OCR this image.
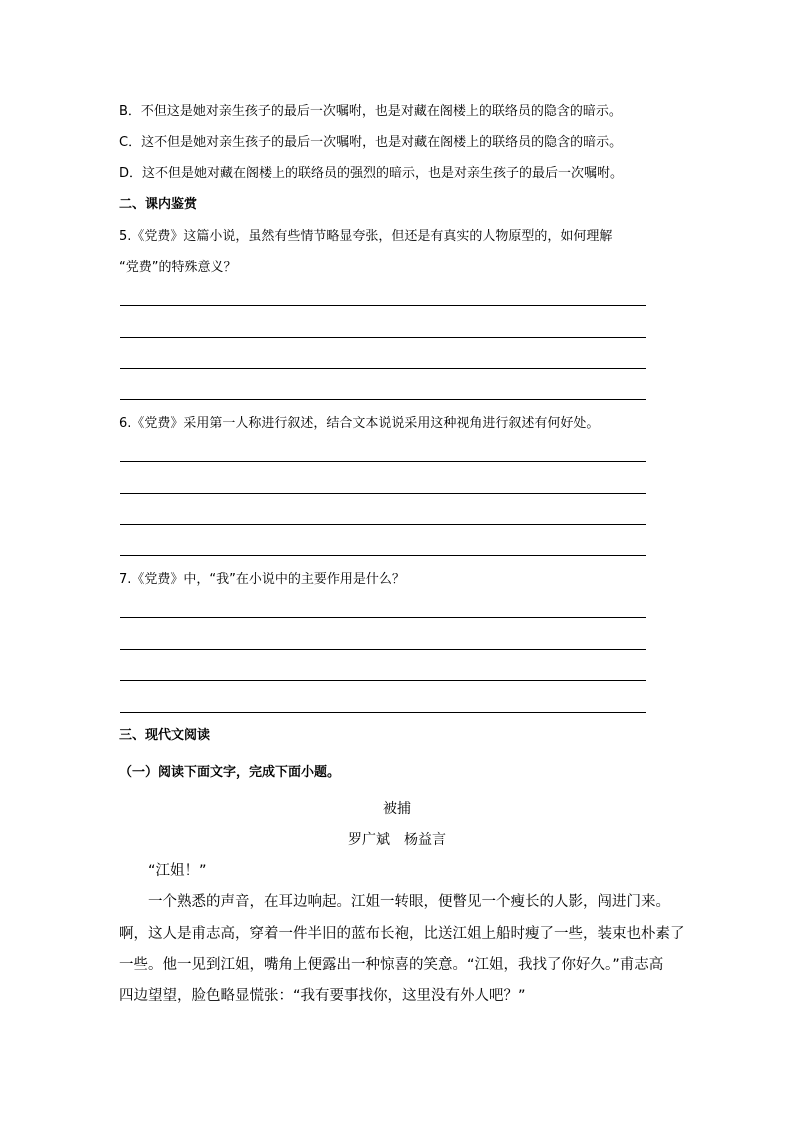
B．不但这是她对亲生孩子的最后一次嘱咐，也是对藏在阁楼上的联络员的隐含的暗示。
C．这不但是她对亲生孩子的最后一次嘱咐，也是对藏在阁楼上的联络员的隐含的暗示。
D．这不但是她对藏在阁楼上的联络员的强烈的暗示，也是对亲生孩子的最后一次嘱咐。
二、课内鉴赏
5.《党费》这篇小说，虽然有些情节略显夸张，但还是有真实的人物原型的，如何理解
“党费”的特殊意义？
6.《党费》采用第一人称进行叙述，结合文本说说采用这种视角进行叙述有何好处。
7.《党费》中，“我”在小说中的主要作用是什么？
三、现代文阅读
（一）阅读下面文字，完成下面小题。
被捕
罗广斌　杨益言
　　“江姐！”
　　一个熟悉的声音，在耳边响起。江姐一转眼，便瞥见一个瘦长的人影，闯进门来。
啊，这人是甫志高，穿着一件半旧的蓝布长袍，比送江姐上船时瘦了一些，装束也朴素了
一些。他一见到江姐，嘴角上便露出一种惊喜的笑意。“江姐，我找了你好久。”甫志高
四边望望，脸色略显慌张：“我有要事找你，这里没有外人吧？”
